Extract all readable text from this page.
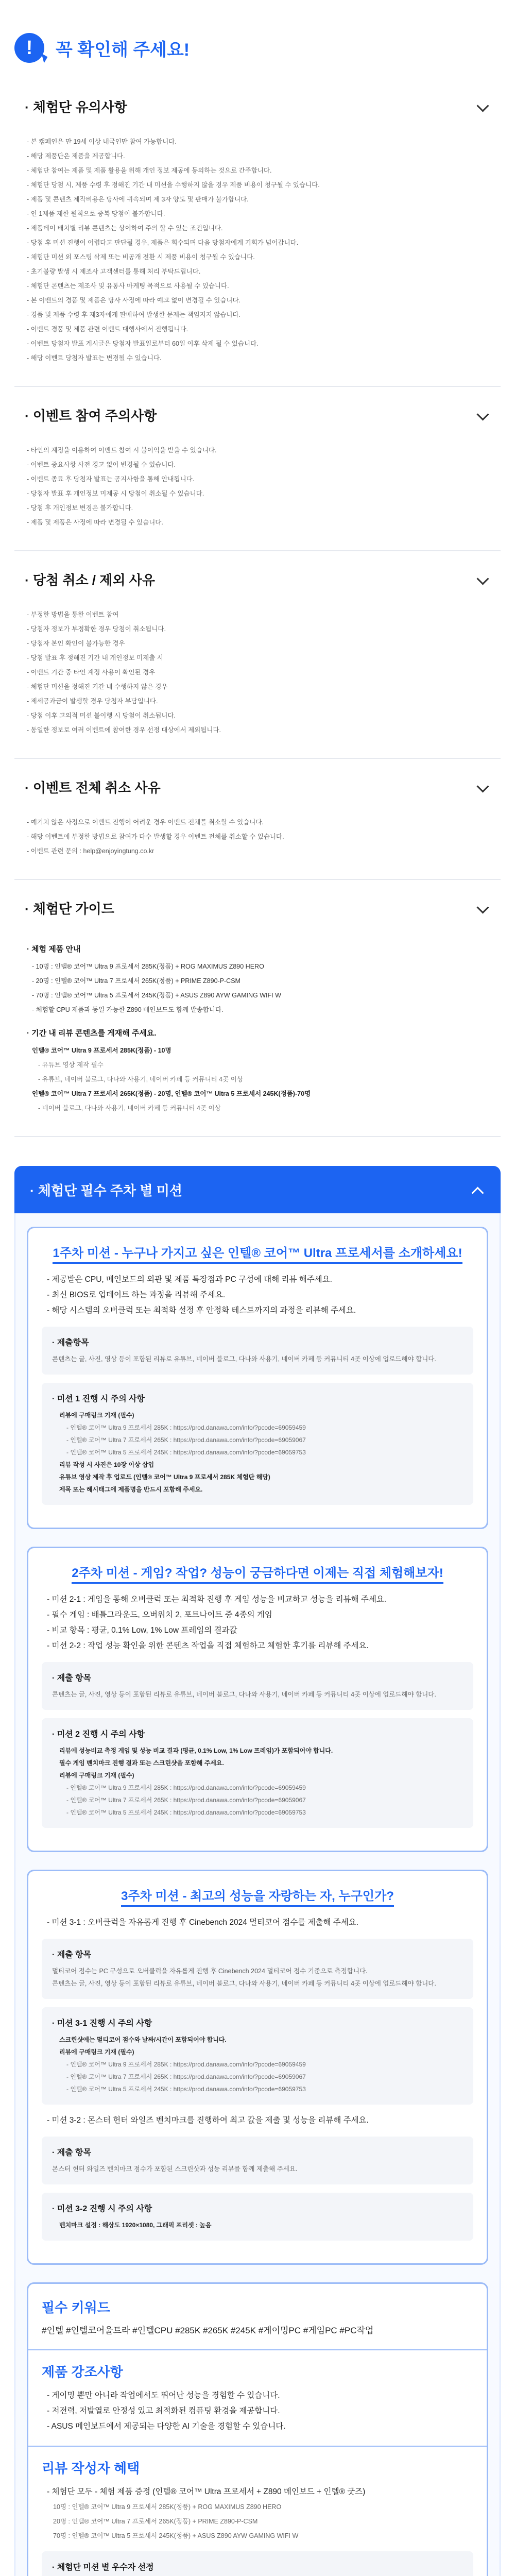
!	꼭 확인해 주세요!
· 체험단 유의사항
- 본 캠페인은 만 19세 이상 내국인만 참여 가능합니다.
- 해당 제품단은 제품을 제공합니다.
- 체험단 참여는 제품 및 제품 활용을 위해 개인 정보 제공에 동의하는 것으로 간주합니다.
- 체험단 당첨 시, 제품 수령 후 정해진 기간 내 미션을 수행하지 않을 경우 제품 비용이 청구될 수 있습니다.
- 제품 및 콘텐츠 제작비용은 당사에 귀속되며 제 3자 양도 및 판매가 불가합니다.
- 인 1제품 제한 원칙으로 중복 당첨이 불가합니다.
- 제품데이 배치별 리뷰 콘텐츠는 상이하여 주의 할 수 있는 조건입니다.
- 당첨 후 미션 진행이 어렵다고 판단될 경우, 제품은 회수되며 다음 당첨자에게 기회가 넘어갑니다.
- 체험단 미션 외 포스팅 삭제 또는 비공개 전환 시 제품 비용이 청구될 수 있습니다.
- 초기불량 발생 시 제조사 고객센터를 통해 처리 부탁드립니다.
- 체험단 콘텐츠는 제조사 및 유통사 마케팅 목적으로 사용될 수 있습니다.
- 본 이벤트의 경품 및 제품은 당사 사정에 따라 예고 없이 변경될 수 있습니다.
- 경품 및 제품 수령 후 제3자에게 판매하여 발생한 문제는 책임지지 않습니다.
- 이벤트 경품 및 제품 관련 이벤트 대행사에서 진행됩니다.
- 이벤트 당첨자 발표 게시글은 당첨자 발표일로부터 60일 이후 삭제 될 수 있습니다.
- 해당 이벤트 당첨자 발표는 변경될 수 있습니다.
· 이벤트 참여 주의사항
- 타인의 계정을 이용하여 이벤트 참여 시 불이익을 받을 수 있습니다.
- 이벤트 중요사항 사전 경고 없이 변경될 수 있습니다.
- 이벤트 종료 후 당첨자 발표는 공지사항을 통해 안내됩니다.
- 당첨자 발표 후 개인정보 미제공 시 당첨이 취소될 수 있습니다.
- 당첨 후 개인정보 변경은 불가합니다.
- 제품 및 제품은 사정에 따라 변경될 수 있습니다.
· 당첨 취소 / 제외 사유
- 부정한 방법을 통한 이벤트 참여
- 당첨자 정보가 부정확한 경우 당첨이 취소됩니다.
- 당첨자 본인 확인이 불가능한 경우
- 당첨 발표 후 정해진 기간 내 개인정보 미제출 시
- 이벤트 기간 중 타인 계정 사용이 확인된 경우
- 체험단 미션을 정해진 기간 내 수행하지 않은 경우
- 제세공과금이 발생할 경우 당첨자 부담입니다.
- 당첨 이후 고의적 미션 불이행 시 당첨이 취소됩니다.
- 동일한 정보로 여러 이벤트에 참여한 경우 선정 대상에서 제외됩니다.
· 이벤트 전체 취소 사유
- 예기치 않은 사정으로 이벤트 진행이 어려운 경우 이벤트 전체를 취소할 수 있습니다.
- 해당 이벤트에 부정한 방법으로 참여가 다수 발생할 경우 이벤트 전체를 취소할 수 있습니다.
- 이벤트 관련 문의 : help@enjoyingtung.co.kr
· 체험단 가이드
· 체험 제품 안내
- 10명 : 인텔® 코어™ Ultra 9 프로세서 285K(정품) + ROG MAXIMUS Z890 HERO
- 20명 : 인텔® 코어™ Ultra 7 프로세서 265K(정품) + PRIME Z890-P-CSM
- 70명 : 인텔® 코어™ Ultra 5 프로세서 245K(정품) + ASUS Z890 AYW GAMING WIFI W
- 체험할 CPU 제품과 동일 가능한 Z890 메인보드도 함께 발송합니다.
· 기간 내 리뷰 콘텐츠를 게재해 주세요.
인텔® 코어™ Ultra 9 프로세서 285K(정품) - 10명
- 유튜브 영상 제작 필수
- 유튜브, 네이버 블로그, 다나와 사용기, 네이버 카페 등 커뮤니티 4곳 이상
인텔® 코어™ Ultra 7 프로세서 265K(정품) - 20명, 인텔® 코어™ Ultra 5 프로세서 245K(정품)-70명
- 네이버 블로그, 다나와 사용기, 네이버 카페 등 커뮤니티 4곳 이상
· 체험단 필수 주차 별 미션
1주차 미션 - 누구나 가지고 싶은 인텔® 코어™ Ultra 프로세서를 소개하세요!
- 제공받은 CPU, 메인보드의 외관 및 제품 특장점과 PC 구성에 대해 리뷰 해주세요.
- 최신 BIOS로 업데이트 하는 과정을 리뷰해 주세요.
- 해당 시스템의 오버클럭 또는 최적화 설정 후 안정화 테스트까지의 과정을 리뷰해 주세요.
· 제출항목

콘텐츠는 글, 사진, 영상 등이 포함된 리뷰로 유튜브, 네이버 블로그, 다나와 사용기, 네이버 카페 등 커뮤니티 4곳 이상에 업로드해야 합니다.

· 미션 1 진행 시 주의 사항
리뷰에 구매링크 기재 (필수)
- 인텔® 코어™ Ultra 9 프로세서 285K : https://prod.danawa.com/info/?pcode=69059459
- 인텔® 코어™ Ultra 7 프로세서 265K : https://prod.danawa.com/info/?pcode=69059067
- 인텔® 코어™ Ultra 5 프로세서 245K : https://prod.danawa.com/info/?pcode=69059753
리뷰 작성 시 사진은 10장 이상 삽입
유튜브 영상 제작 후 업로드 (인텔® 코어™ Ultra 9 프로세서 285K 체험단 해당)
제목 또는 해시태그에 제품명을 반드시 포함해 주세요.
2주차 미션 - 게임? 작업? 성능이 궁금하다면 이제는 직접 체험해보자!
- 미션 2-1 : 게임을 통해 오버클럭 또는 최적화 진행 후 게임 성능을 비교하고 성능을 리뷰해 주세요.
- 필수 게임 : 배틀그라운드, 오버워치 2, 포트나이트 중 4종의 게임
- 비교 항목 : 평균, 0.1% Low, 1% Low 프레임의 결과값
- 미션 2-2 : 작업 성능 확인을 위한 콘텐츠 작업을 직접 체험하고 체험한 후기를 리뷰해 주세요.
· 제출 항목

콘텐츠는 글, 사진, 영상 등이 포함된 리뷰로 유튜브, 네이버 블로그, 다나와 사용기, 네이버 카페 등 커뮤니티 4곳 이상에 업로드해야 합니다.

· 미션 2 진행 시 주의 사항
리뷰에 성능비교 측정 게임 및 성능 비교 결과 (평균, 0.1% Low, 1% Low 프레임)가 포함되어야 합니다.
필수 게임 벤치마크 진행 결과 또는 스크린샷을 포함해 주세요.
리뷰에 구매링크 기재 (필수)
- 인텔® 코어™ Ultra 9 프로세서 285K : https://prod.danawa.com/info/?pcode=69059459
- 인텔® 코어™ Ultra 7 프로세서 265K : https://prod.danawa.com/info/?pcode=69059067
- 인텔® 코어™ Ultra 5 프로세서 245K : https://prod.danawa.com/info/?pcode=69059753
3주차 미션 - 최고의 성능을 자랑하는 자, 누구인가?
- 미션 3-1 : 오버클럭을 자유롭게 진행 후 Cinebench 2024 멀티코어 점수를 제출해 주세요.
· 제출 항목

멀티코어 점수는 PC 구성으로 오버클럭을 자유롭게 진행 후 Cinebench 2024 멀티코어 점수 기준으로 측정합니다.

콘텐츠는 글, 사진, 영상 등이 포함된 리뷰로 유튜브, 네이버 블로그, 다나와 사용기, 네이버 카페 등 커뮤니티 4곳 이상에 업로드해야 합니다.

· 미션 3-1 진행 시 주의 사항
스크린샷에는 멀티코어 점수와 날짜/시간이 포함되어야 합니다.
리뷰에 구매링크 기재 (필수)
- 인텔® 코어™ Ultra 9 프로세서 285K : https://prod.danawa.com/info/?pcode=69059459
- 인텔® 코어™ Ultra 7 프로세서 265K : https://prod.danawa.com/info/?pcode=69059067
- 인텔® 코어™ Ultra 5 프로세서 245K : https://prod.danawa.com/info/?pcode=69059753
- 미션 3-2 : 몬스터 헌터 와일즈 벤치마크를 진행하여 최고 값을 제출 및 성능을 리뷰해 주세요.
· 제출 항목

몬스터 헌터 와일즈 벤치마크 점수가 포함된 스크린샷과 성능 리뷰를 함께 제출해 주세요.

· 미션 3-2 진행 시 주의 사항
벤치마크 설정 : 해상도 1920×1080, 그래픽 프리셋 : 높음
필수 키워드
#인텔 #인텔코어울트라 #인텔CPU #285K #265K #245K #게이밍PC #게임PC #PC작업
제품 강조사항
- 게이밍 뿐만 아니라 작업에서도 뛰어난 성능을 경험할 수 있습니다.
- 저전력, 저발열로 안정성 있고 최적화된 컴퓨팅 환경을 제공합니다.
- ASUS 메인보드에서 제공되는 다양한 AI 기술을 경험할 수 있습니다.
리뷰 작성자 혜택
- 체험단 모두 - 체험 제품 증정 (인텔® 코어™ Ultra 프로세서 + Z890 메인보드 + 인텔® 굿즈)
10명 : 인텔® 코어™ Ultra 9 프로세서 285K(정품) + ROG MAXIMUS Z890 HERO
20명 : 인텔® 코어™ Ultra 7 프로세서 265K(정품) + PRIME Z890-P-CSM
70명 : 인텔® 코어™ Ultra 5 프로세서 245K(정품) + ASUS Z890 AYW GAMING WIFI W
· 체험단 미션 별 우수자 선정
